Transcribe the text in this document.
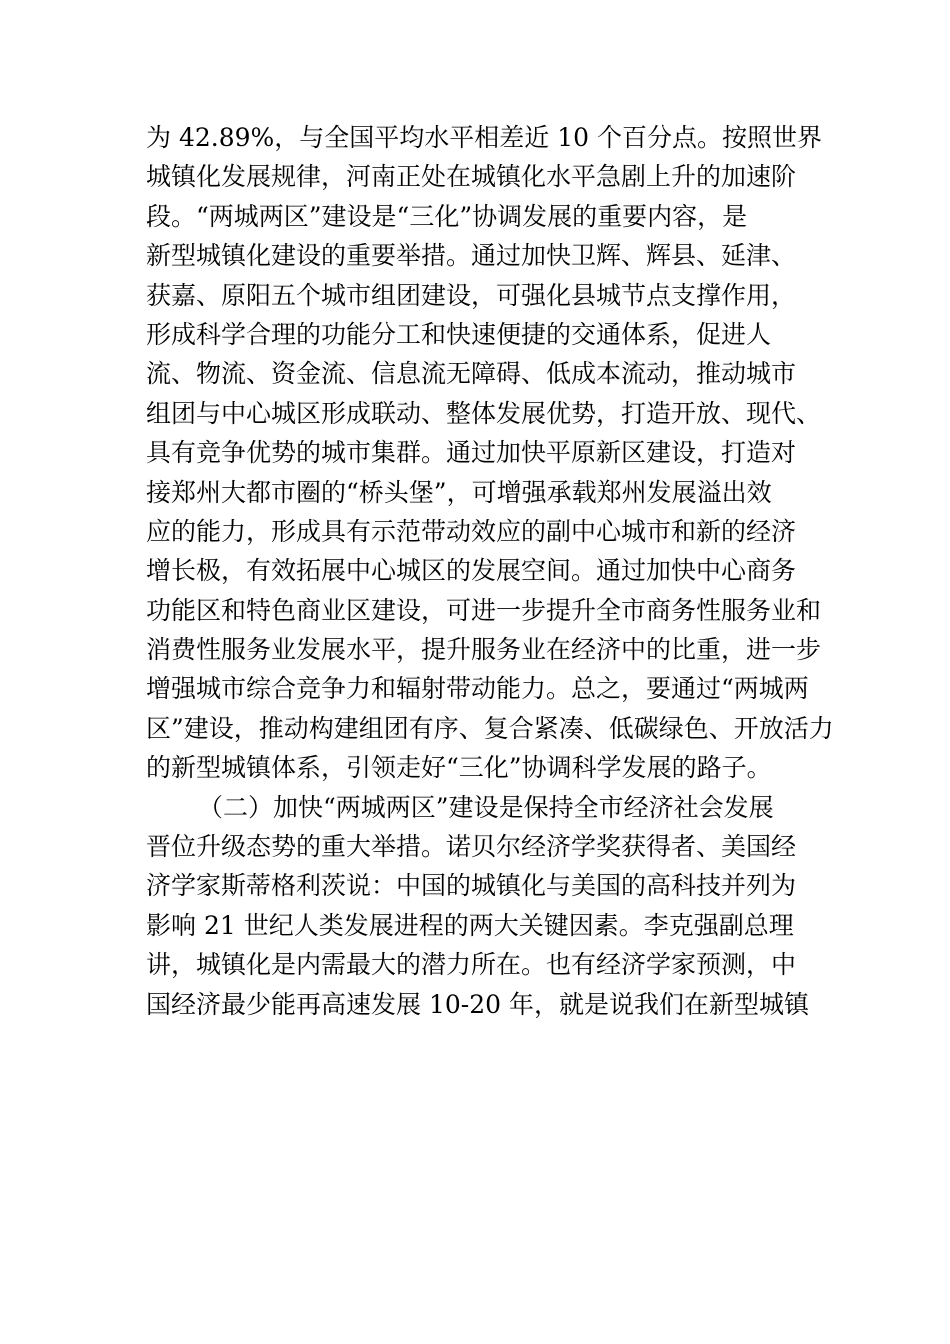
为 42.89%，与全国平均水平相差近 10 个百分点。按照世界
城镇化发展规律，河南正处在城镇化水平急剧上升的加速阶
段。“两城两区”建设是“三化”协调发展的重要内容，是
新型城镇化建设的重要举措。通过加快卫辉、辉县、延津、
获嘉、原阳五个城市组团建设，可强化县城节点支撑作用，
形成科学合理的功能分工和快速便捷的交通体系，促进人
流、物流、资金流、信息流无障碍、低成本流动，推动城市
组团与中心城区形成联动、整体发展优势，打造开放、现代、
具有竞争优势的城市集群。通过加快平原新区建设，打造对
接郑州大都市圈的“桥头堡”，可增强承载郑州发展溢出效
应的能力，形成具有示范带动效应的副中心城市和新的经济
增长极，有效拓展中心城区的发展空间。通过加快中心商务
功能区和特色商业区建设，可进一步提升全市商务性服务业和
消费性服务业发展水平，提升服务业在经济中的比重，进一步
增强城市综合竞争力和辐射带动能力。总之，要通过“两城两
区”建设，推动构建组团有序、复合紧凑、低碳绿色、开放活力
的新型城镇体系，引领走好“三化”协调科学发展的路子。
（二）加快“两城两区”建设是保持全市经济社会发展
晋位升级态势的重大举措。诺贝尔经济学奖获得者、美国经
济学家斯蒂格利茨说：中国的城镇化与美国的高科技并列为
影响 21 世纪人类发展进程的两大关键因素。李克强副总理
讲，城镇化是内需最大的潜力所在。也有经济学家预测，中
国经济最少能再高速发展 10-20 年，就是说我们在新型城镇
